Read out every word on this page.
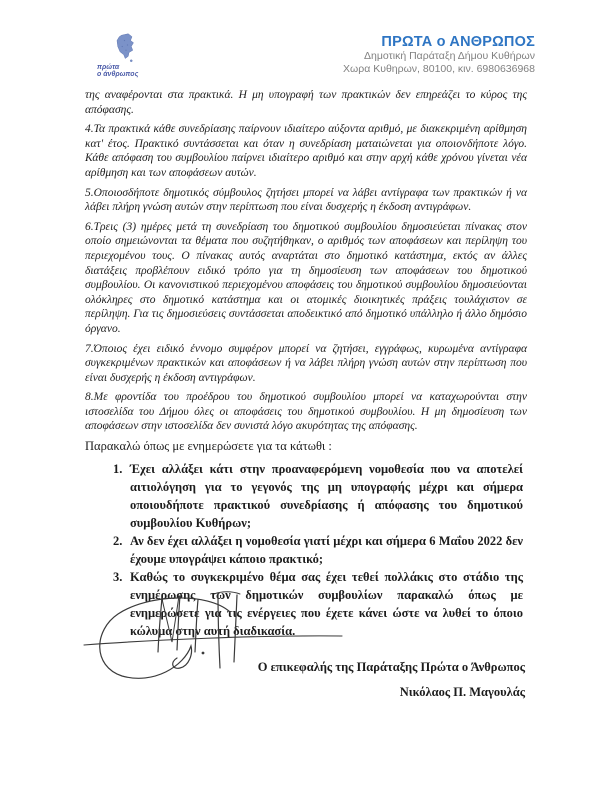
πρώτα
ο άνθρωπος
ΠΡΩΤΑ ο ΑΝΘΡΩΠΟΣ
Δημοτική Παράταξη Δήμου Κυθήρων
Χωρα Κυθηρων, 80100, κιν. 6980636968

της αναφέρονται στα πρακτικά. Η μη υπογραφή των πρακτικών δεν επηρεάζει το κύρος της απόφασης.

4.Τα πρακτικά κάθε συνεδρίασης παίρνουν ιδιαίτερο αύξοντα αριθμό, με διακεκριμένη αρίθμηση κατ' έτος. Πρακτικό συντάσσεται και όταν η συνεδρίαση ματαιώνεται για οποιονδήποτε λόγο. Κάθε απόφαση του συμβουλίου παίρνει ιδιαίτερο αριθμό και στην αρχή κάθε χρόνου γίνεται νέα αρίθμηση και των αποφάσεων αυτών.

5.Οποιοσδήποτε δημοτικός σύμβουλος ζητήσει μπορεί να λάβει αντίγραφα των πρακτικών ή να λάβει πλήρη γνώση αυτών στην περίπτωση που είναι δυσχερής η έκδοση αντιγράφων.

6.Τρεις (3) ημέρες μετά τη συνεδρίαση του δημοτικού συμβουλίου δημοσιεύεται πίνακας στον οποίο σημειώνονται τα θέματα που συζητήθηκαν, ο αριθμός των αποφάσεων και περίληψη του περιεχομένου τους. Ο πίνακας αυτός αναρτάται στο δημοτικό κατάστημα, εκτός αν άλλες διατάξεις προβλέπουν ειδικό τρόπο για τη δημοσίευση των αποφάσεων του δημοτικού συμβουλίου. Οι κανονιστικού περιεχομένου αποφάσεις του δημοτικού συμβουλίου δημοσιεύονται ολόκληρες στο δημοτικό κατάστημα και οι ατομικές διοικητικές πράξεις τουλάχιστον σε περίληψη. Για τις δημοσιεύσεις συντάσσεται αποδεικτικό από δημοτικό υπάλληλο ή άλλο δημόσιο όργανο.

7.Όποιος έχει ειδικό έννομο συμφέρον μπορεί να ζητήσει, εγγράφως, κυρωμένα αντίγραφα συγκεκριμένων πρακτικών και αποφάσεων ή να λάβει πλήρη γνώση αυτών στην περίπτωση που είναι δυσχερής η έκδοση αντιγράφων.

8.Με φροντίδα του προέδρου του δημοτικού συμβουλίου μπορεί να καταχωρούνται στην ιστοσελίδα του Δήμου όλες οι αποφάσεις του δημοτικού συμβουλίου. Η μη δημοσίευση των αποφάσεων στην ιστοσελίδα δεν συνιστά λόγο ακυρότητας της απόφασης.

Παρακαλώ όπως με ενημερώσετε για τα κάτωθι :

1. Έχει αλλάξει κάτι στην προαναφερόμενη νομοθεσία που να αποτελεί αιτιολόγηση για το γεγονός της μη υπογραφής μέχρι και σήμερα οποιουδήποτε πρακτικού συνεδρίασης ή απόφασης του δημοτικού συμβουλίου Κυθήρων;
2. Αν δεν έχει αλλάξει η νομοθεσία γιατί μέχρι και σήμερα 6 Μαΐου 2022 δεν έχουμε υπογράψει κάποιο πρακτικό;
3. Καθώς το συγκεκριμένο θέμα σας έχει τεθεί πολλάκις στο στάδιο της ενημέρωσης των δημοτικών συμβουλίων παρακαλώ όπως με ενημερώσετε για τις ενέργειες που έχετε κάνει ώστε να λυθεί το όποιο κώλυμα στην αυτή διαδικασία.
Ο επικεφαλής της Παράταξης Πρώτα ο Άνθρωπος
Νικόλαος Π. Μαγουλάς
